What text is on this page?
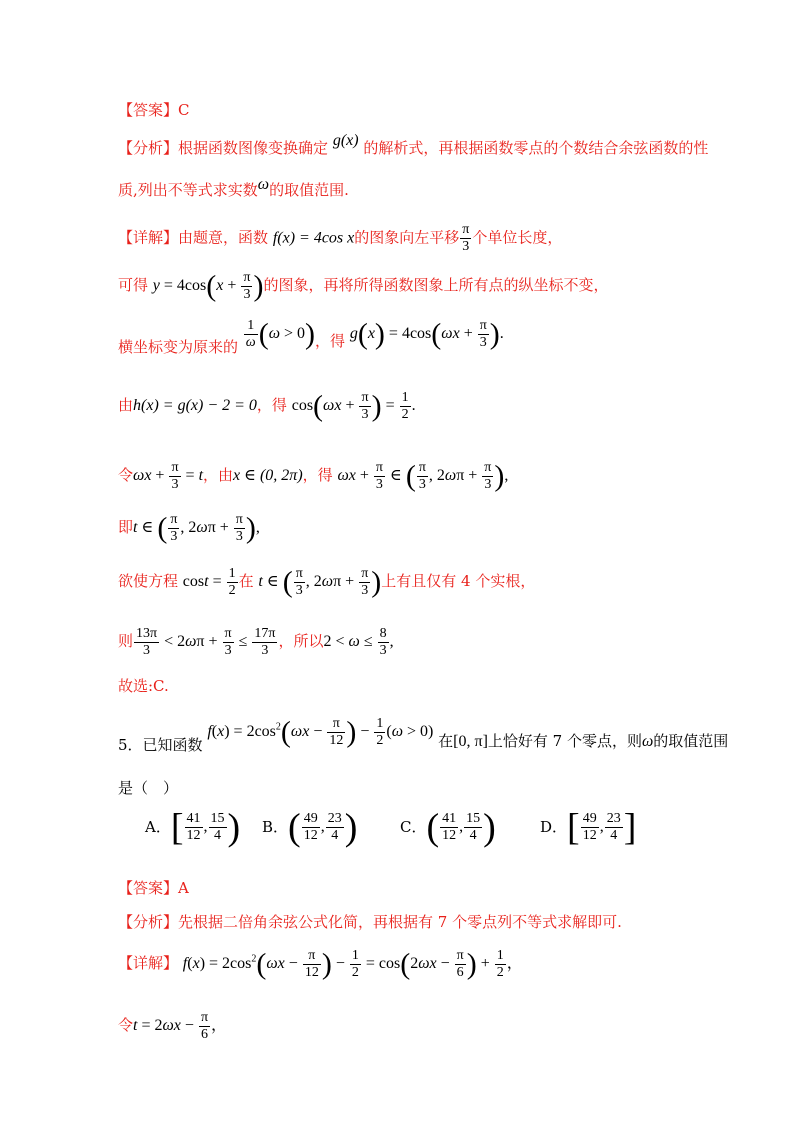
【答案】C
【分析】根据函数图像变换确定 g(x) 的解析式，再根据函数零点的个数结合余弦函数的性
质,列出不等式求实数ω的取值范围.
【详解】由题意，函数 f(x) = 4cos x的图象向左平移 $\frac{\pi}{3}$ 个单位长度，
可得 $y = 4\cos(x + \frac{\pi}{3}$ )的图象，再将所得函数图象上所有点的纵坐标不变，
横坐标变为原来的 $\frac{1}{\omega} (\omega > 0)$，得 $g(x) = 4\cos(\omega x + \frac{\pi}{3}$ ).
由h(x) = g(x) − 2 = 0，得 $\cos(\omega x + \frac{\pi}{3}$ ) = $\frac{1}{2}$ .
令$\omega x + \frac{\pi}{3} = t$，由x ∈ (0, 2π)，得 $\omega x + \frac{\pi}{3}$ ∈ ( $\frac{\pi}{3}$ , $2\omega\pi + \frac{\pi}{3}$ ),
即t ∈ ( $\frac{\pi}{3}$ , $2\omega\pi + \frac{\pi}{3}$ ),
欲使方程 $\cos t = \frac{1}{2}$ 在 t ∈ ( $\frac{\pi}{3}$ , $2\omega\pi + \frac{\pi}{3}$ )上有且仅有 4 个实根，
则 $\frac{13\pi}{3} < 2\omega\pi + \frac{\pi}{3} \le \frac{17\pi}{3}$ ，所以$2 < \omega \le \frac{8}{3}$ ,
故选:C.
5．已知函数 $f(x) = 2\cos^2(\omega x - \frac{\pi}{12}$ ) − $\frac{1}{2} (\omega > 0)$ 在[0, π]上恰好有 7 个零点，则ω的取值范围
是（　）
A．[ $\frac{41}{12}$ , $\frac{15}{4}$ ) B．( $\frac{49}{12}$ , $\frac{23}{4}$ )	C．( $\frac{41}{12}$ , $\frac{15}{4}$ )	D．[ $\frac{49}{12}$ , $\frac{23}{4}$ ]
【答案】A
【分析】先根据二倍角余弦公式化简，再根据有 7 个零点列不等式求解即可.
【详解】 $f(x) = 2\cos^2(\omega x - \frac{\pi}{12}$ ) − $\frac{1}{2} = \cos(2\omega x - \frac{\pi}{6}$ ) + $\frac{1}{2}$ ，
令$t = 2\omega x - \frac{\pi}{6}$ ，
